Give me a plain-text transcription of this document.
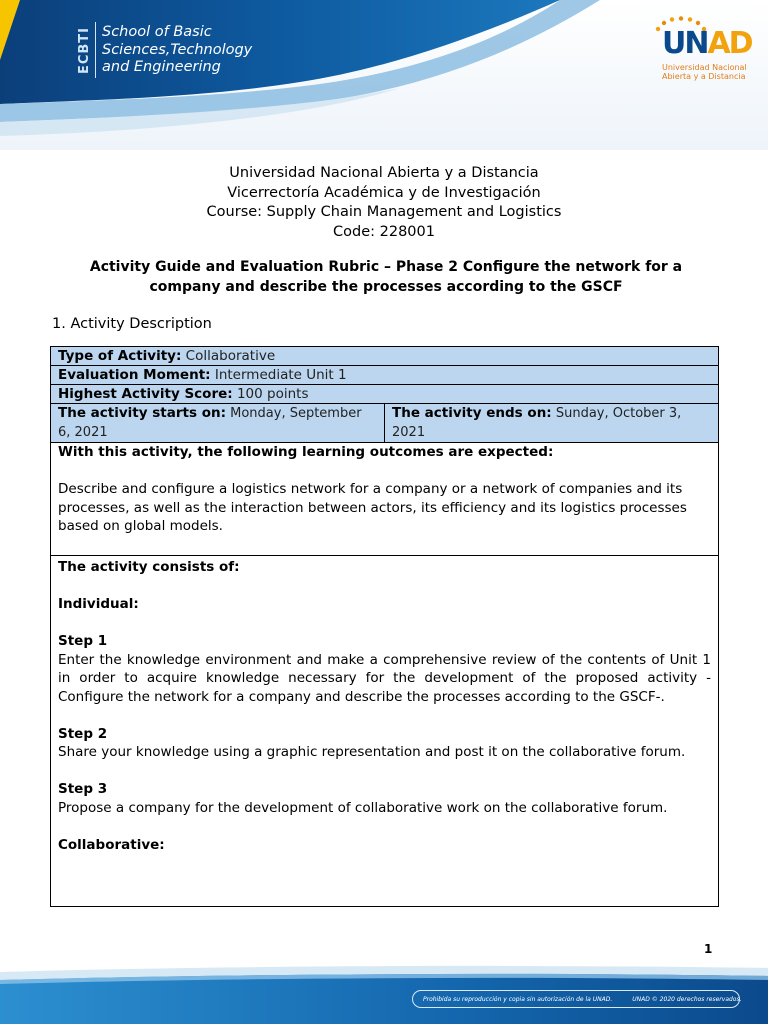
ECBTI School of Basic
Sciences,Technology
and Engineering
UNAD
Universidad Nacional
Abierta y a Distancia
Universidad Nacional Abierta y a Distancia
Vicerrectoría Académica y de Investigación
Course: Supply Chain Management and Logistics
Code: 228001
Activity Guide and Evaluation Rubric – Phase 2 Configure the network for a company and describe the processes according to the GSCF
1. Activity Description
Type of Activity: Collaborative
Evaluation Moment: Intermediate Unit 1
Highest Activity Score: 100 points
The activity starts on: Monday, September 6, 2021
The activity ends on: Sunday, October 3, 2021

With this activity, the following learning outcomes are expected:

Describe and configure a logistics network for a company or a network of companies and its processes, as well as the interaction between actors, its efficiency and its logistics processes based on global models.

The activity consists of:

Individual:

Step 1

Enter the knowledge environment and make a comprehensive review of the contents of Unit 1 in order to acquire knowledge necessary for the development of the proposed activity -Configure the network for a company and describe the processes according to the GSCF-.

Step 2

Share your knowledge using a graphic representation and post it on the collaborative forum.

Step 3

Propose a company for the development of collaborative work on the collaborative forum.

Collaborative:

1
Prohibida su reproducción y copia sin autorización de la UNAD.	UNAD © 2020 derechos reservados.
